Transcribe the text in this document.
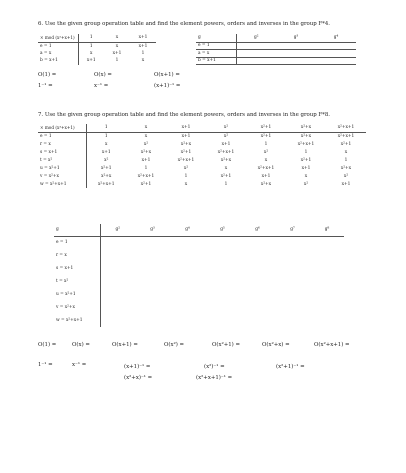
6. Use the given group operation table and find the element powers, orders and inverses in the group F*4.
× mod (x²+x+1)	1	x	x+1
e = 1	1	x	x+1
a = x	x	x+1	1
b = x+1	x+1	1	x
g	g²	g³	g⁴
e = 1			
a = x			
b = x+1			
O(1) =	O(x) =	O(x+1) =
1⁻¹ =	x⁻¹ =	(x+1)⁻¹ =
7. Use the given group operation table and find the element powers, orders and inverses in the group F*8.
× mod (x³+x+1)	1	x	x+1	x²	x²+1	x²+x	x²+x+1
e = 1	1	x	x+1	x²	x²+1	x²+x	x²+x+1
r = x	x	x²	x²+x	x+1	1	x²+x+1	x²+1
s = x+1	x+1	x²+x	x²+1	x²+x+1	x²	1	x
t = x²	x²	x+1	x²+x+1	x²+x	x	x²+1	1
u = x²+1	x²+1	1	x²	x	x²+x+1	x+1	x²+x
v = x²+x	x²+x	x²+x+1	1	x²+1	x+1	x	x²
w = x²+x+1	x²+x+1	x²+1	x	1	x²+x	x²	x+1
g	g²	g³	g⁴	g⁵	g⁶	g⁷	g⁸
e = 1							
r = x							
s = x+1							
t = x²							
u = x²+1							
v = x²+x							
w = x²+x+1							
O(1) =	O(x) =	O(x+1) =	O(x²) =	O(x²+1) =	O(x²+x) =	O(x²+x+1) =
1⁻¹ =	x⁻¹ =	(x+1)⁻¹ =	(x²)⁻¹ =	(x²+1)⁻¹ =
(x²+x)⁻¹ =	(x²+x+1)⁻¹ =
